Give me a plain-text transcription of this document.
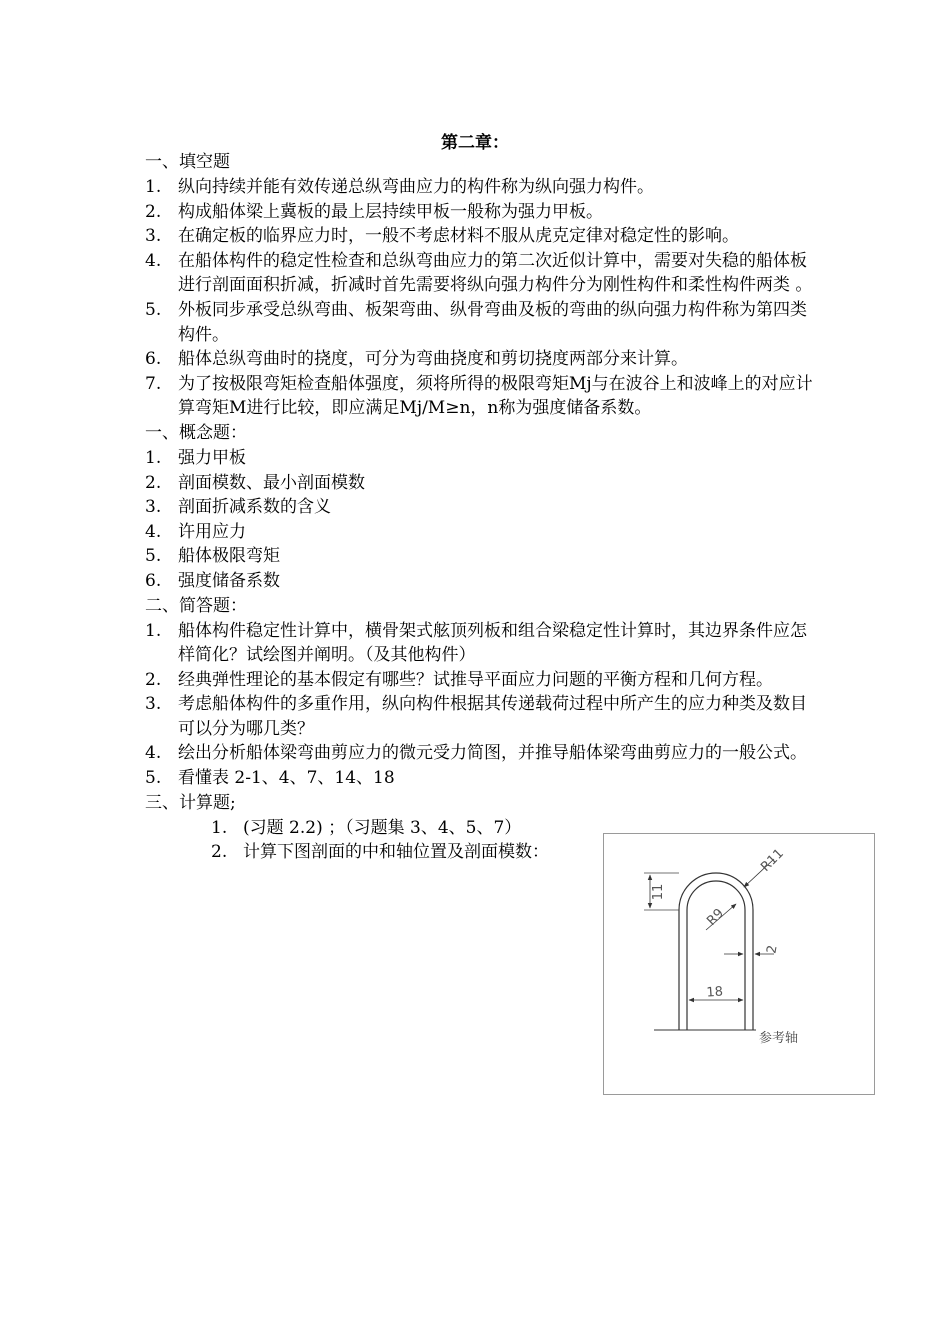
第二章：
一、填空题
1. 纵向持续并能有效传递总纵弯曲应力的构件称为纵向强力构件。
2. 构成船体梁上冀板的最上层持续甲板一般称为强力甲板。
3. 在确定板的临界应力时，一般不考虑材料不服从虎克定律对稳定性的影响。
4. 在船体构件的稳定性检查和总纵弯曲应力的第二次近似计算中，需要对失稳的船体板进行剖面面积折减，折减时首先需要将纵向强力构件分为刚性构件和柔性构件两类 。
5. 外板同步承受总纵弯曲、板架弯曲、纵骨弯曲及板的弯曲的纵向强力构件称为第四类构件。
6. 船体总纵弯曲时的挠度，可分为弯曲挠度和剪切挠度两部分来计算。
7. 为了按极限弯矩检查船体强度，须将所得的极限弯矩Mj与在波谷上和波峰上的对应计算弯矩M进行比较，即应满足Mj/M≥n，n称为强度储备系数。
一、概念题：
1. 强力甲板
2. 剖面模数、最小剖面模数
3. 剖面折减系数的含义
4. 许用应力
5. 船体极限弯矩
6. 强度储备系数
二、简答题：
1. 船体构件稳定性计算中，横骨架式舷顶列板和组合梁稳定性计算时，其边界条件应怎样简化？试绘图并阐明。（及其他构件）
2. 经典弹性理论的基本假定有哪些？试推导平面应力问题的平衡方程和几何方程。
3. 考虑船体构件的多重作用，纵向构件根据其传递载荷过程中所产生的应力种类及数目可以分为哪几类？
4. 绘出分析船体梁弯曲剪应力的微元受力简图，并推导船体梁弯曲剪应力的一般公式。
5. 看懂表 2-1、4、7、14、18
三、计算题;
1. (习题 2.2) ；（习题集 3、4、5、7）
2. 计算下图剖面的中和轴位置及剖面模数：
11
R11
R9
2
18
参考轴
